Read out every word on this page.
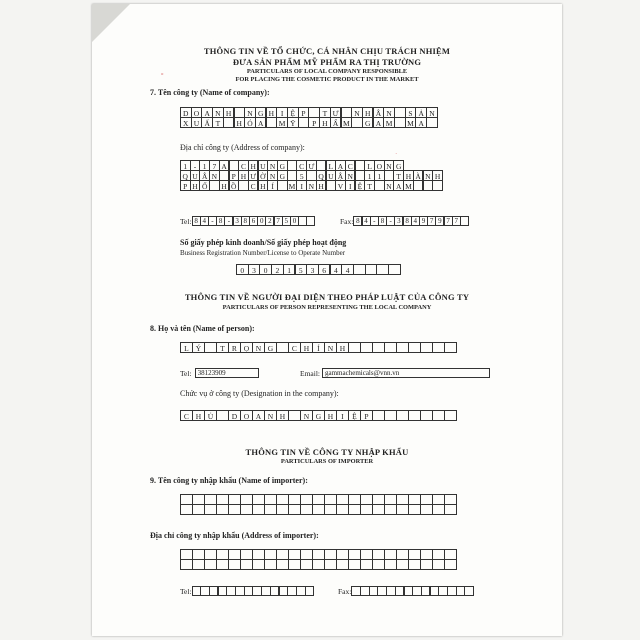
THÔNG TIN VỀ TỔ CHỨC, CÁ NHÂN CHỊU TRÁCH NHIỆM
ĐƯA SẢN PHẨM MỸ PHẨM RA THỊ TRƯỜNG
PARTICULARS OF LOCAL COMPANY RESPONSIBLE
FOR PLACING THE COSMETIC PRODUCT IN THE MARKET
7. Tên công ty (Name of company):
D O A N H	N G H I Ệ P	T Ư	N H Â N	S Ả N
X U Ấ T	H Ó A	M Ỹ	P H Ẩ M	G A M	M A
Địa chỉ công ty (Address of company):
1 - 1 7 A	C H U N G	C Ư	L Ạ C	L O N G
Q U Â N	P H Ư Ờ N G	5	Q U Ậ N	1 1	T H À N H
P H Ố	H Ồ	C H Í	M I N H	V I Ệ T	N A M
Tel: 8 4 - 8 - 3 8 6 0 2 7 5 0	Fax: 8 4 - 8 - 3 8 4 9 7 9 7 7
Số giấy phép kinh doanh/Số giấy phép hoạt động
Business Registration Number/License to Operate Number
0	3	0	2	1	5	3	6	4	4
THÔNG TIN VỀ NGƯỜI ĐẠI DIỆN THEO PHÁP LUẬT CỦA CÔNG TY
PARTICULARS OF PERSON REPRESENTING THE LOCAL COMPANY
8. Họ và tên (Name of person):
L Ý	T R Ọ N G	C H	Í	N H
Tel: 38123909	Email: gammachemicals@vnn.vn
Chức vụ ở công ty (Designation in the company):
C H Ủ	D O A N H	N G H	I	Ệ	P
THÔNG TIN VỀ CÔNG TY NHẬP KHẨU
PARTICULARS OF IMPORTER
9. Tên công ty nhập khẩu (Name of importer):
Địa chỉ công ty nhập khẩu (Address of importer):
Tel:	Fax:
∘
·
